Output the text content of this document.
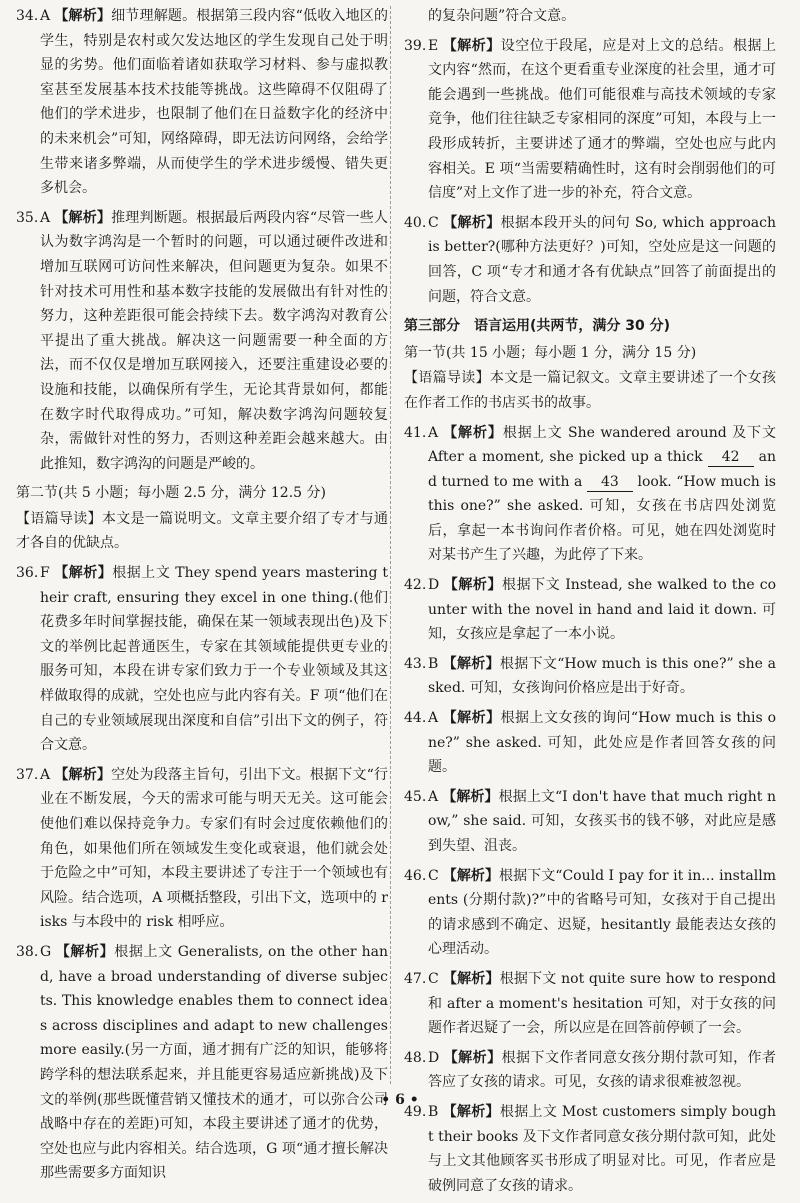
34. A 【解析】细节理解题。根据第三段内容“低收入地区的学生，特别是农村或欠发达地区的学生发现自己处于明显的劣势。他们面临着诸如获取学习材料、参与虚拟教室甚至发展基本技术技能等挑战。这些障碍不仅阻碍了他们的学术进步，也限制了他们在日益数字化的经济中的未来机会”可知，网络障碍，即无法访问网络，会给学生带来诸多弊端，从而使学生的学术进步缓慢、错失更多机会。

35. A 【解析】推理判断题。根据最后两段内容“尽管一些人认为数字鸿沟是一个暂时的问题，可以通过硬件改进和增加互联网可访问性来解决，但问题更为复杂。如果不针对技术可用性和基本数字技能的发展做出有针对性的努力，这种差距很可能会持续下去。数字鸿沟对教育公平提出了重大挑战。解决这一问题需要一种全面的方法，而不仅仅是增加互联网接入，还要注重建设必要的设施和技能，以确保所有学生，无论其背景如何，都能在数字时代取得成功。”可知，解决数字鸿沟问题较复杂，需做针对性的努力，否则这种差距会越来越大。由此推知，数字鸿沟的问题是严峻的。

第二节(共 5 小题；每小题 2.5 分，满分 12.5 分)

【语篇导读】本文是一篇说明文。文章主要介绍了专才与通才各自的优缺点。

36. F 【解析】根据上文 They spend years mastering their craft, ensuring they excel in one thing.(他们花费多年时间掌握技能，确保在某一领域表现出色)及下文的举例比起普通医生，专家在其领域能提供更专业的服务可知，本段在讲专家们致力于一个专业领域及其这样做取得的成就，空处也应与此内容有关。F 项“他们在自己的专业领域展现出深度和自信”引出下文的例子，符合文意。

37. A 【解析】空处为段落主旨句，引出下文。根据下文“行业在不断发展，今天的需求可能与明天无关。这可能会使他们难以保持竞争力。专家们有时会过度依赖他们的角色，如果他们所在领域发生变化或衰退，他们就会处于危险之中”可知，本段主要讲述了专注于一个领域也有风险。结合选项，A 项概括整段，引出下文，选项中的 risks 与本段中的 risk 相呼应。

38. G 【解析】根据上文 Generalists, on the other hand, have a broad understanding of diverse subjects. This knowledge enables them to connect ideas across disciplines and adapt to new challenges more easily.(另一方面，通才拥有广泛的知识，能够将跨学科的想法联系起来，并且能更容易适应新挑战)及下文的举例(那些既懂营销又懂技术的通才，可以弥合公司战略中存在的差距)可知，本段主要讲述了通才的优势，空处也应与此内容相关。结合选项，G 项“通才擅长解决那些需要多方面知识

的复杂问题”符合文意。

39. E 【解析】设空位于段尾，应是对上文的总结。根据上文内容“然而，在这个更看重专业深度的社会里，通才可能会遇到一些挑战。他们可能很难与高技术领域的专家竞争，他们往往缺乏专家相同的深度”可知，本段与上一段形成转折，主要讲述了通才的弊端，空处也应与此内容相关。E 项“当需要精确性时，这有时会削弱他们的可信度”对上文作了进一步的补充，符合文意。

40. C 【解析】根据本段开头的问句 So, which approach is better?(哪种方法更好？)可知，空处应是这一问题的回答，C 项“专才和通才各有优缺点”回答了前面提出的问题，符合文意。

第三部分　语言运用(共两节，满分 30 分)

第一节(共 15 小题；每小题 1 分，满分 15 分)

【语篇导读】本文是一篇记叙文。文章主要讲述了一个女孩在作者工作的书店买书的故事。

41. A 【解析】根据上文 She wandered around 及下文 After a moment, she picked up a thick 42 and turned to me with a 43 look. “How much is this one?” she asked. 可知，女孩在书店四处浏览后，拿起一本书询问作者价格。可见，她在四处浏览时对某书产生了兴趣，为此停了下来。

42. D 【解析】根据下文 Instead, she walked to the counter with the novel in hand and laid it down. 可知，女孩应是拿起了一本小说。

43. B 【解析】根据下文“How much is this one?” she asked. 可知，女孩询问价格应是出于好奇。

44. A 【解析】根据上文女孩的询问“How much is this one?” she asked. 可知，此处应是作者回答女孩的问题。

45. A 【解析】根据上文“I don't have that much right now,” she said. 可知，女孩买书的钱不够，对此应是感到失望、沮丧。

46. C 【解析】根据下文“Could I pay for it in... installments (分期付款)?”中的省略号可知，女孩对于自己提出的请求感到不确定、迟疑，hesitantly 最能表达女孩的心理活动。

47. C 【解析】根据下文 not quite sure how to respond 和 after a moment's hesitation 可知，对于女孩的问题作者迟疑了一会，所以应是在回答前停顿了一会。

48. D 【解析】根据下文作者同意女孩分期付款可知，作者答应了女孩的请求。可见，女孩的请求很难被忽视。

49. B 【解析】根据上文 Most customers simply bought their books 及下文作者同意女孩分期付款可知，此处与上文其他顾客买书形成了明显对比。可见，作者应是破例同意了女孩的请求。

• 6 •
